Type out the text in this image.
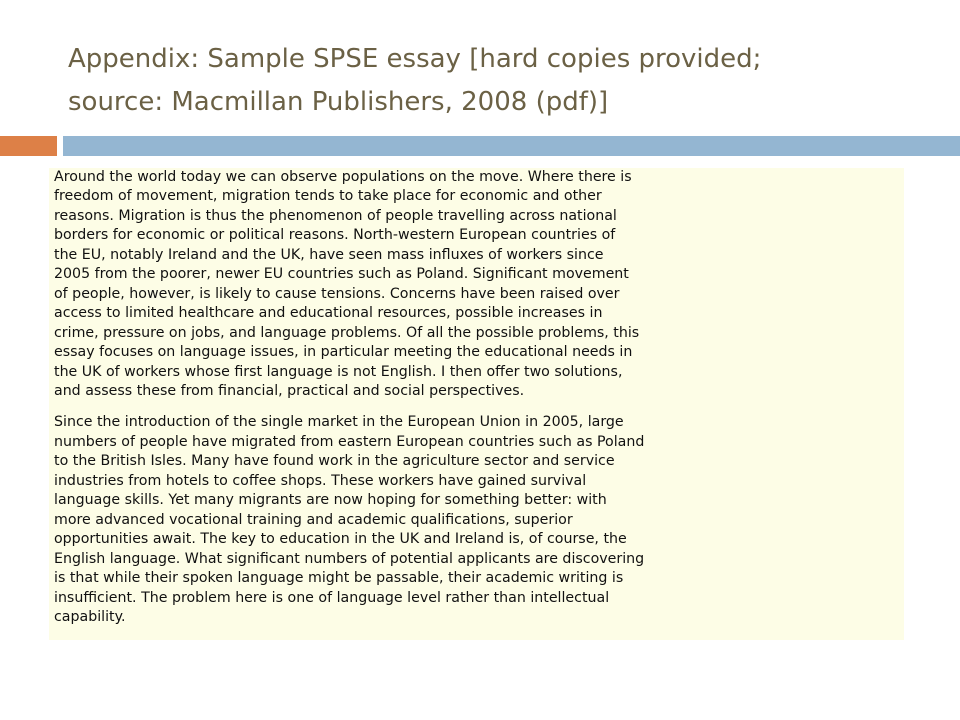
Appendix: Sample SPSE essay [hard copies provided;
source: Macmillan Publishers, 2008 (pdf)]

Around the world today we can observe populations on the move. Where there is
freedom of movement, migration tends to take place for economic and other
reasons. Migration is thus the phenomenon of people travelling across national
borders for economic or political reasons. North-western European countries of
the EU, notably Ireland and the UK, have seen mass influxes of workers since
2005 from the poorer, newer EU countries such as Poland. Significant movement
of people, however, is likely to cause tensions. Concerns have been raised over
access to limited healthcare and educational resources, possible increases in
crime, pressure on jobs, and language problems. Of all the possible problems, this
essay focuses on language issues, in particular meeting the educational needs in
the UK of workers whose first language is not English. I then offer two solutions,
and assess these from financial, practical and social perspectives.

Since the introduction of the single market in the European Union in 2005, large
numbers of people have migrated from eastern European countries such as Poland
to the British Isles. Many have found work in the agriculture sector and service
industries from hotels to coffee shops. These workers have gained survival
language skills. Yet many migrants are now hoping for something better: with
more advanced vocational training and academic qualifications, superior
opportunities await. The key to education in the UK and Ireland is, of course, the
English language. What significant numbers of potential applicants are discovering
is that while their spoken language might be passable, their academic writing is
insufficient. The problem here is one of language level rather than intellectual
capability.
